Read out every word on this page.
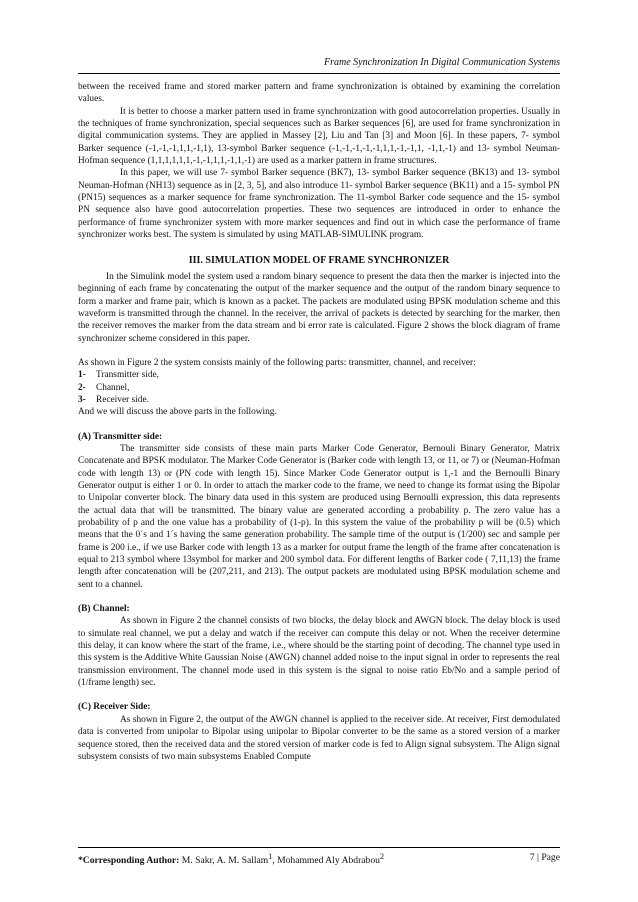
Frame Synchronization In Digital Communication Systems

between the received frame and stored marker pattern and frame synchronization is obtained by examining the correlation values.

It is better to choose a marker pattern used in frame synchronization with good autocorrelation properties. Usually in the techniques of frame synchronization, special sequences such as Barker sequences [6], are used for frame synchronization in digital communication systems. They are applied in Massey [2], Liu and Tan [3] and Moon [6]. In these papers, 7- symbol Barker sequence (-1,-1,-1,1,1,-1,1), 13-symbol Barker sequence (-1,-1,-1,-1,-1,1,1,-1,-1,1, -1,1,-1) and 13- symbol Neuman-Hofman sequence (1,1,1,1,1,1,-1,-1,1,1,-1,1,-1) are used as a marker pattern in frame structures.

In this paper, we will use 7- symbol Barker sequence (BK7), 13- symbol Barker sequence (BK13) and 13- symbol Neuman-Hofman (NH13) sequence as in [2, 3, 5], and also introduce 11- symbol Barker sequence (BK11) and a 15- symbol PN (PN15) sequences as a marker sequence for frame synchronization. The 11-symbol Barker code sequence and the 15- symbol PN sequence also have good autocorrelation properties. These two sequences are introduced in order to enhance the performance of frame synchronizer system with more marker sequences and find out in which case the performance of frame synchronizer works best. The system is simulated by using MATLAB-SIMULINK program.

III. SIMULATION MODEL OF FRAME SYNCHRONIZER

In the Simulink model the system used a random binary sequence to present the data then the marker is injected into the beginning of each frame by concatenating the output of the marker sequence and the output of the random binary sequence to form a marker and frame pair, which is known as a packet. The packets are modulated using BPSK modulation scheme and this waveform is transmitted through the channel. In the receiver, the arrival of packets is detected by searching for the marker, then the receiver removes the marker from the data stream and bi error rate is calculated. Figure 2 shows the block diagram of frame synchronizer scheme considered in this paper.

As shown in Figure 2 the system consists mainly of the following parts: transmitter, channel, and receiver:

1- Transmitter side,
2- Channel,
3- Receiver side.

And we will discuss the above parts in the following.

(A) Transmitter side:

The transmitter side consists of these main parts Marker Code Generator, Bernouli Binary Generator, Matrix Concatenate and BPSK modulator. The Marker Code Generator is (Barker code with length 13, or 11, or 7) or (Neuman-Hofman code with length 13) or (PN code with length 15). Since Marker Code Generator output is 1,-1 and the Bernoulli Binary Generator output is either 1 or 0. In order to attach the marker code to the frame, we need to change its format using the Bipolar to Unipolar converter block. The binary data used in this system are produced using Bernoulli expression, this data represents the actual data that will be transmitted. The binary value are generated according a probability p. The zero value has a probability of p and the one value has a probability of (1-p). In this system the value of the probability p will be (0.5) which means that the 0´s and 1´s having the same generation probability. The sample time of the output is (1/200) sec and sample per frame is 200 i.e., if we use Barker code with length 13 as a marker for output frame the length of the frame after concatenation is equal to 213 symbol where 13symbol for marker and 200 symbol data. For different lengths of Barker code ( 7,11,13) the frame length after concatenation will be (207,211, and 213). The output packets are modulated using BPSK modulation scheme and sent to a channel.

(B) Channel:

As shown in Figure 2 the channel consists of two blocks, the delay block and AWGN block. The delay block is used to simulate real channel, we put a delay and watch if the receiver can compute this delay or not. When the receiver determine this delay, it can know where the start of the frame, i.e., where should be the starting point of decoding. The channel type used in this system is the Additive White Gaussian Noise (AWGN) channel added noise to the input signal in order to represents the real transmission environment. The channel mode used in this system is the signal to noise ratio Eb/No and a sample period of (1/frame length) sec.

(C) Receiver Side:

As shown in Figure 2, the output of the AWGN channel is applied to the receiver side. At receiver, First demodulated data is converted from unipolar to Bipolar using unipolar to Bipolar converter to be the same as a stored version of a marker sequence stored, then the received data and the stored version of marker code is fed to Align signal subsystem. The Align signal subsystem consists of two main subsystems Enabled Compute

*Corresponding Author: M. Sakr, A. M. Sallam$^1$, Mohammed Aly Abdrabou$^2$	7 | Page
